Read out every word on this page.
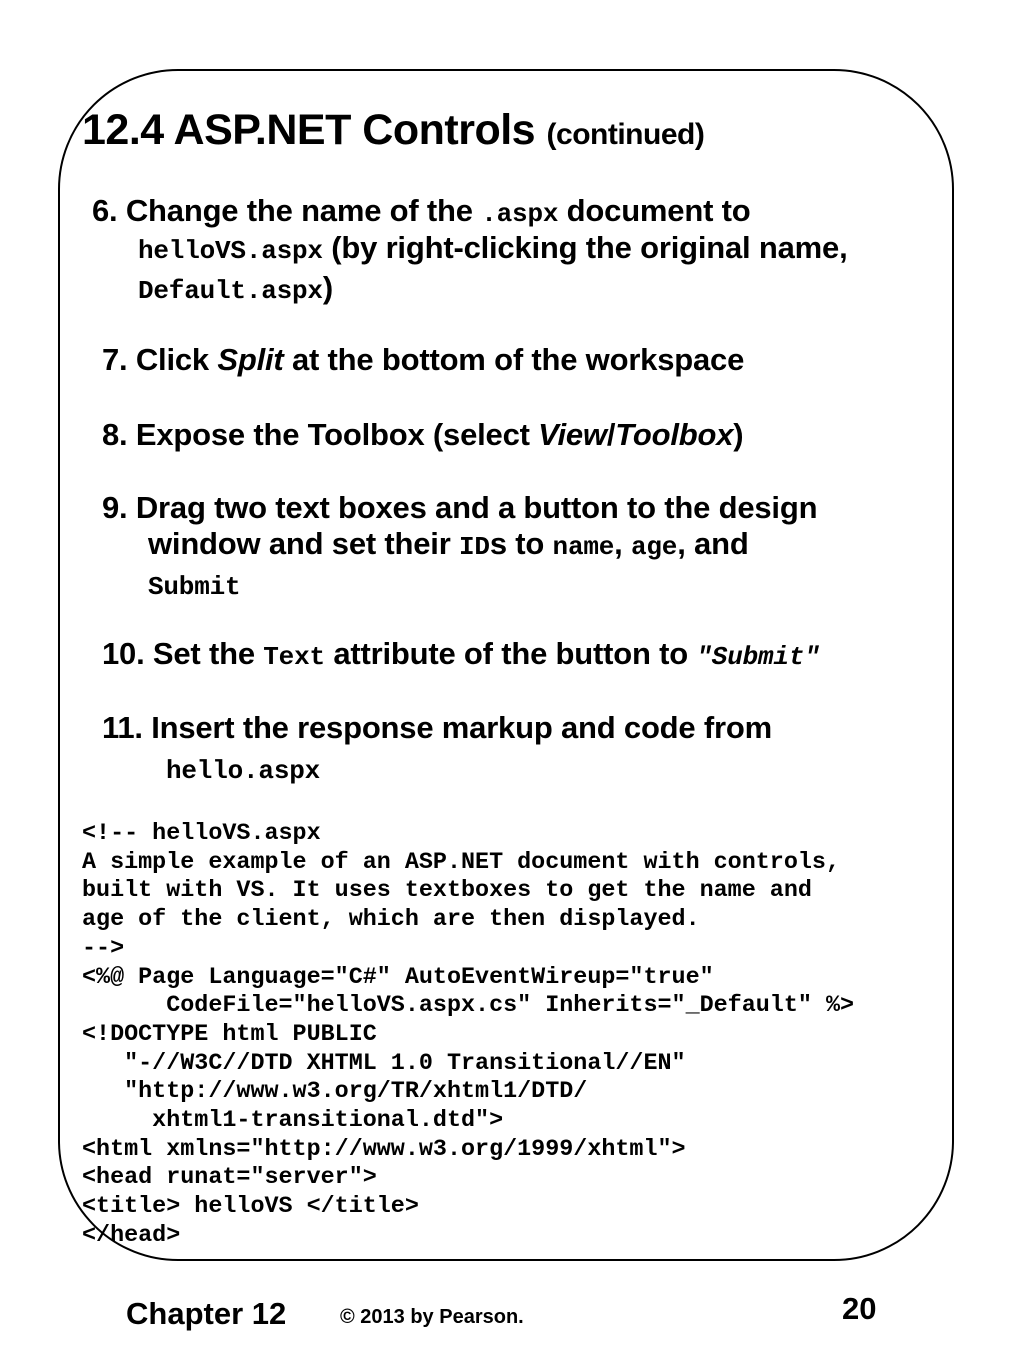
12.4 ASP.NET Controls (continued)
6. Change the name of the .aspx document to
helloVS.aspx (by right-clicking the original name,
Default.aspx)
7. Click Split at the bottom of the workspace
8. Expose the Toolbox (select View/Toolbox)
9. Drag two text boxes and a button to the design
window and set their IDs to name, age, and
Submit
10. Set the Text attribute of the button to "Submit"
11. Insert the response markup and code from
hello.aspx
<!-- helloVS.aspx
A simple example of an ASP.NET document with controls,
built with VS. It uses textboxes to get the name and
age of the client, which are then displayed.
-->
<%@ Page Language="C#" AutoEventWireup="true"
CodeFile="helloVS.aspx.cs" Inherits="_Default" %>
<!DOCTYPE html PUBLIC
"-//W3C//DTD XHTML 1.0 Transitional//EN"
"http://www.w3.org/TR/xhtml1/DTD/
xhtml1-transitional.dtd">
<html xmlns="http://www.w3.org/1999/xhtml">
<head runat="server">
<title> helloVS </title>
</head>
Chapter 12	© 2013 by Pearson.	20
